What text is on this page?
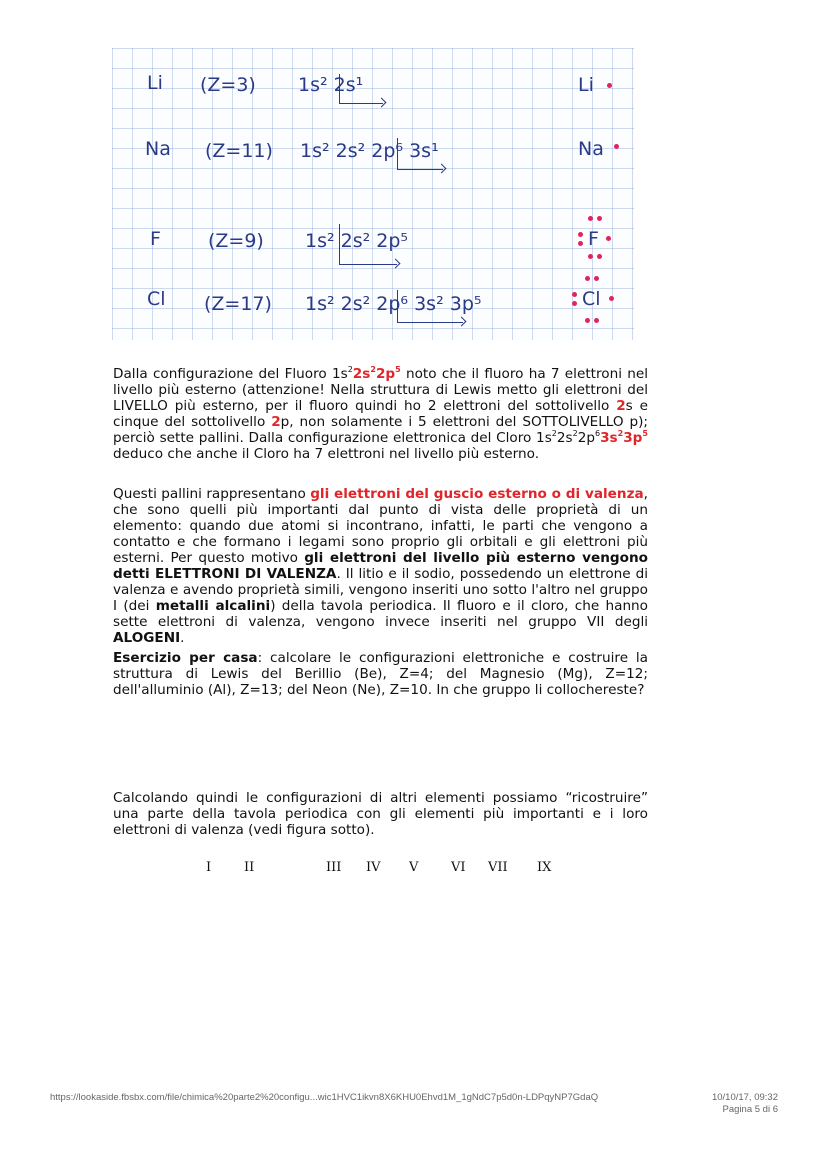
Li (Z=3) 1s² 2s¹	Li
Na (Z=11) 1s² 2s² 2p⁶ 3s¹	Na
F (Z=9) 1s² 2s² 2p⁵	F
Cl (Z=17) 1s² 2s² 2p⁶ 3s² 3p⁵	Cl
Dalla configurazione del Fluoro $1s^22s^22p^5$ noto che il fluoro ha 7 elettroni nel livello più esterno (attenzione! Nella struttura di Lewis metto gli elettroni del LIVELLO più esterno, per il fluoro quindi ho 2 elettroni del sottolivello 2s e cinque del sottolivello 2p, non solamente i 5 elettroni del SOTTOLIVELLO p); perciò sette pallini. Dalla configurazione elettronica del Cloro $1s^22s^22p^63s^23p^5$ deduco che anche il Cloro ha 7 elettroni nel livello più esterno.
Questi pallini rappresentano gli elettroni del guscio esterno o di valenza, che sono quelli più importanti dal punto di vista delle proprietà di un elemento: quando due atomi si incontrano, infatti, le parti che vengono a contatto e che formano i legami sono proprio gli orbitali e gli elettroni più esterni. Per questo motivo gli elettroni del livello più esterno vengono detti ELETTRONI DI VALENZA. Il litio e il sodio, possedendo un elettrone di valenza e avendo proprietà simili, vengono inseriti uno sotto l'altro nel gruppo I (dei metalli alcalini) della tavola periodica. Il fluoro e il cloro, che hanno sette elettroni di valenza, vengono invece inseriti nel gruppo VII degli ALOGENI.
Esercizio per casa: calcolare le configurazioni elettroniche e costruire la struttura di Lewis del Berillio (Be), Z=4; del Magnesio (Mg), Z=12; dell'alluminio (Al), Z=13; del Neon (Ne), Z=10. In che gruppo li collochereste?
Calcolando quindi le configurazioni di altri elementi possiamo “ricostruire” una parte della tavola periodica con gli elementi più importanti e i loro elettroni di valenza (vedi figura sotto).
I	II	III IV V	VI VII IX
https://lookaside.fbsbx.com/file/chimica%20parte2%20configu...wic1HVC1ikvn8X6KHU0Ehvd1M_1gNdC7p5d0n-LDPqyNP7GdaQ	10/10/17, 09:32
Pagina 5 di 6
